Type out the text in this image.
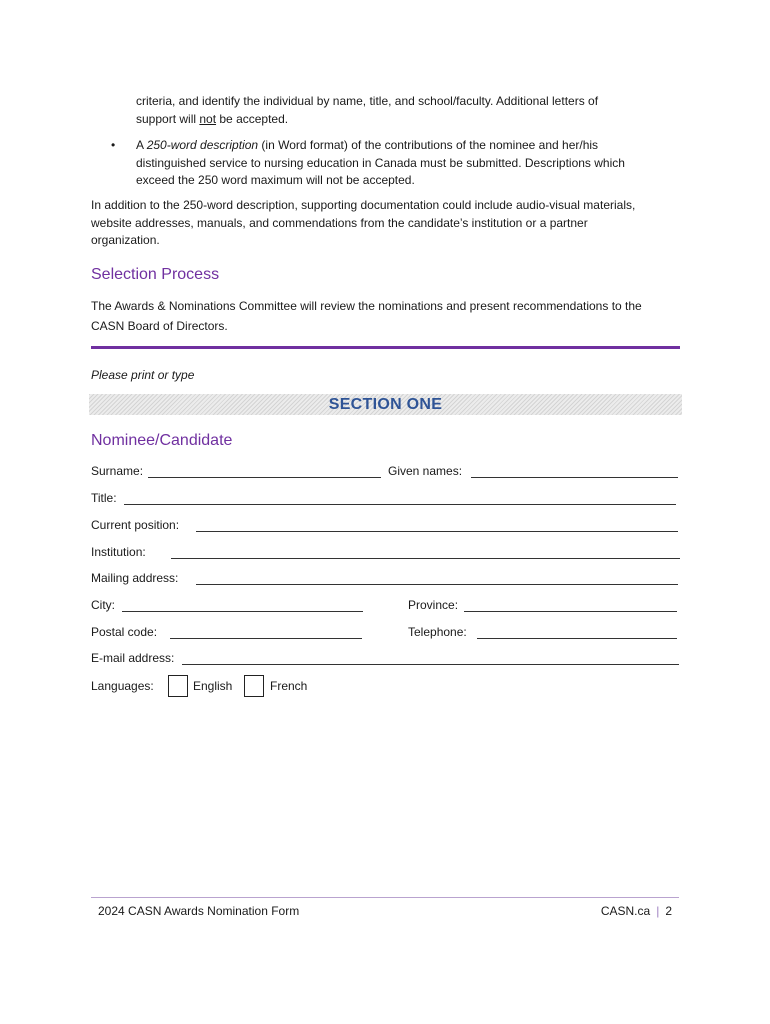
criteria, and identify the individual by name, title, and school/faculty. Additional letters of
support will not be accepted.
• A 250-word description (in Word format) of the contributions of the nominee and her/his
distinguished service to nursing education in Canada must be submitted. Descriptions which
exceed the 250 word maximum will not be accepted.
In addition to the 250-word description, supporting documentation could include audio-visual materials,
website addresses, manuals, and commendations from the candidate’s institution or a partner
organization.
Selection Process
The Awards & Nominations Committee will review the nominations and present recommendations to the
CASN Board of Directors.
Please print or type
SECTION ONE
Nominee/Candidate
Surname:	Given names:
Title:
Current position:
Institution:
Mailing address:
City:	Province:
Postal code:	Telephone:
E-mail address:
Languages:	English	French
2024 CASN Awards Nomination Form	CASN.ca | 2
